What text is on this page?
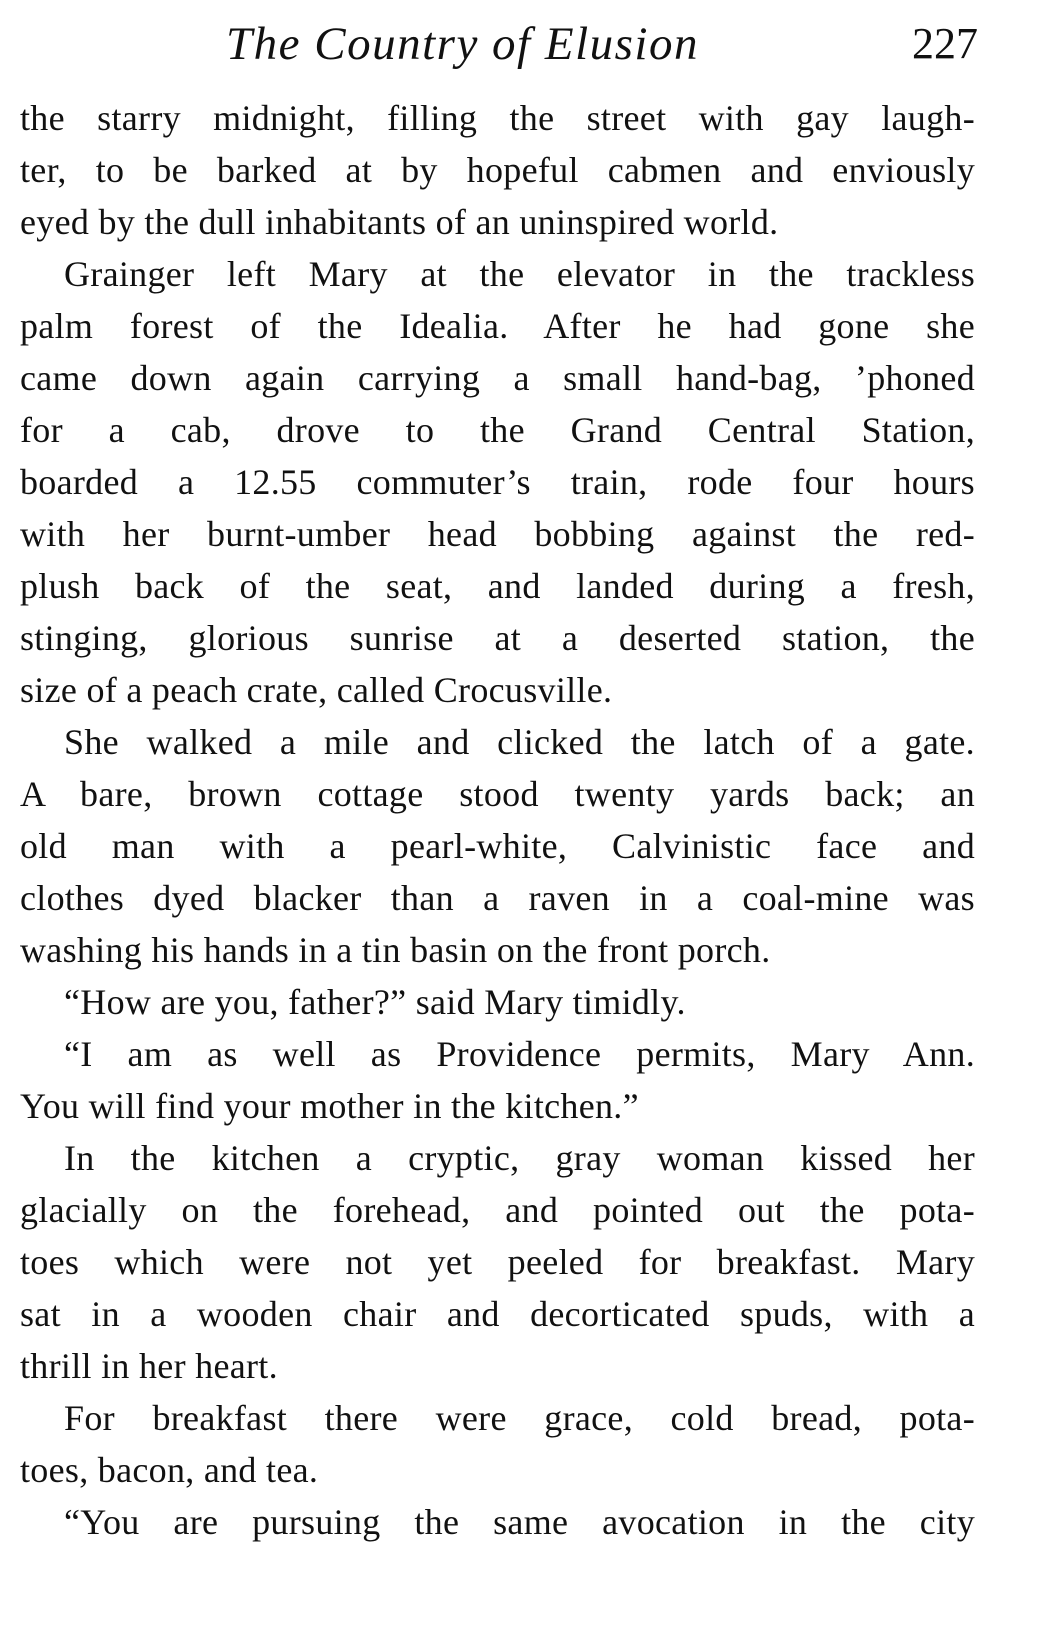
The Country of Elusion	227
the starry midnight, filling the street with gay laugh-
ter, to be barked at by hopeful cabmen and enviously
eyed by the dull inhabitants of an uninspired world.
Grainger left Mary at the elevator in the trackless
palm forest of the Idealia. After he had gone she
came down again carrying a small hand-bag, ’phoned
for a cab, drove to the Grand Central Station,
boarded a 12.55 commuter’s train, rode four hours
with her burnt-umber head bobbing against the red-
plush back of the seat, and landed during a fresh,
stinging, glorious sunrise at a deserted station, the
size of a peach crate, called Crocusville.
She walked a mile and clicked the latch of a gate.
A bare, brown cottage stood twenty yards back; an
old man with a pearl-white, Calvinistic face and
clothes dyed blacker than a raven in a coal-mine was
washing his hands in a tin basin on the front porch.
“How are you, father?” said Mary timidly.
“I am as well as Providence permits, Mary Ann.
You will find your mother in the kitchen.”
In the kitchen a cryptic, gray woman kissed her
glacially on the forehead, and pointed out the pota-
toes which were not yet peeled for breakfast. Mary
sat in a wooden chair and decorticated spuds, with a
thrill in her heart.
For breakfast there were grace, cold bread, pota-
toes, bacon, and tea.
“You are pursuing the same avocation in the city
